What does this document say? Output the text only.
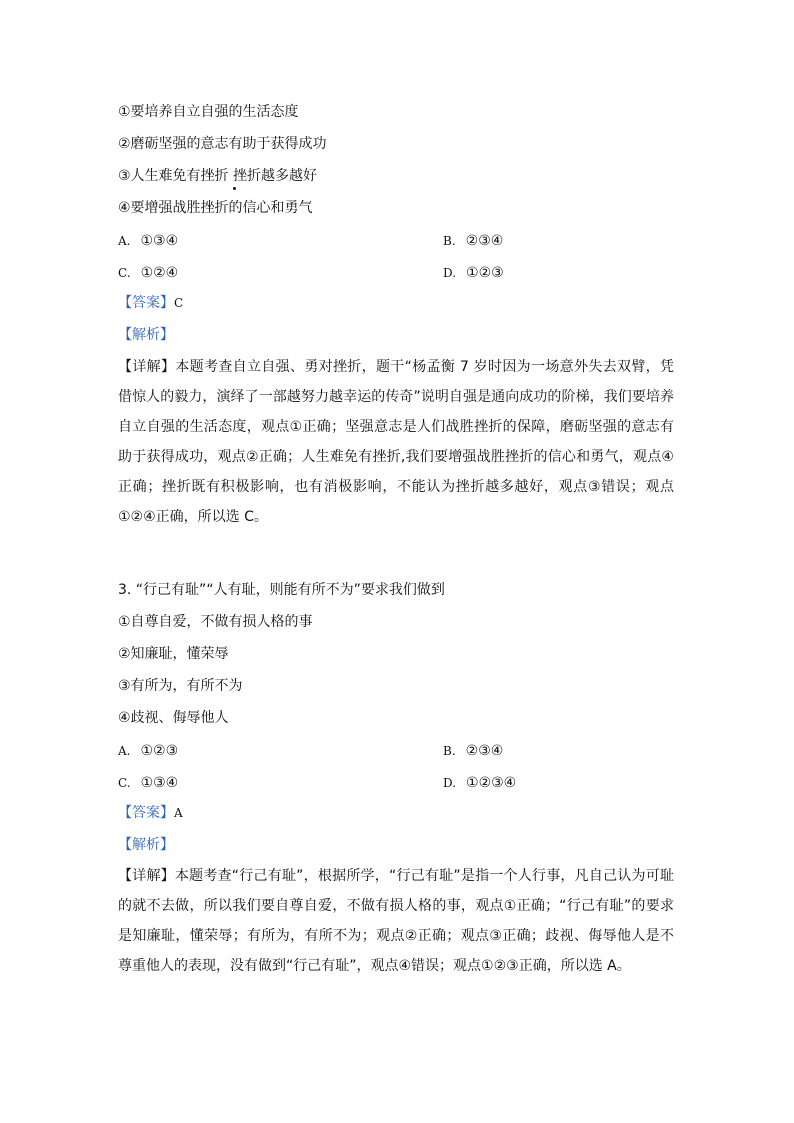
①要培养自立自强的生活态度
②磨砺坚强的意志有助于获得成功
③人生难免有挫折 挫折越多越好
④要增强战胜挫折的信心和勇气
A. ①③④	B. ②③④
C. ①②④	D. ①②③
【答案】C
【解析】
【详解】本题考查自立自强、勇对挫折，题干“杨孟衡 7 岁时因为一场意外失去双臂，凭借惊人的毅力，演绎了一部越努力越幸运的传奇”说明自强是通向成功的阶梯，我们要培养自立自强的生活态度，观点①正确；坚强意志是人们战胜挫折的保障，磨砺坚强的意志有助于获得成功，观点②正确；人生难免有挫折,我们要增强战胜挫折的信心和勇气，观点④正确；挫折既有积极影响，也有消极影响，不能认为挫折越多越好，观点③错误；观点①②④正确，所以选 C。
3. “行己有耻”“人有耻，则能有所不为”要求我们做到
①自尊自爱，不做有损人格的事
②知廉耻，懂荣辱
③有所为，有所不为
④歧视、侮辱他人
A. ①②③	B. ②③④
C. ①③④	D. ①②③④
【答案】A
【解析】
【详解】本题考查“行己有耻”，根据所学，“行己有耻”是指一个人行事，凡自己认为可耻的就不去做，所以我们要自尊自爱，不做有损人格的事，观点①正确；“行己有耻”的要求是知廉耻，懂荣辱；有所为，有所不为；观点②正确；观点③正确；歧视、侮辱他人是不尊重他人的表现，没有做到“行己有耻”，观点④错误；观点①②③正确，所以选 A。
